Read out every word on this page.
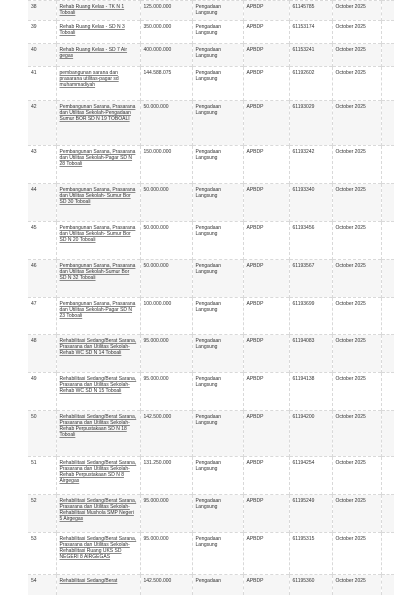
38	Rehab Ruang Kelas - TK N 1 Toboali	125.000.000	Pengadaan Langsung	APBDP	61145785	October 2025	
39	Rehab Ruang Kelas - SD N 3 Toboali	350.000.000	Pengadaan Langsung	APBDP	61153174	October 2025	
40	Rehab Ruang Kelas - SD 7 Air gegas	400.000.000	Pengadaan Langsung	APBDP	61153241	October 2025	
41	pembangunan sarana dan prasarana utilitas-pagar sd muhammadiyah	144.588.075	Pengadaan Langsung	APBDP	61192602	October 2025	
42	Pembangunan Sarana, Prasarana dan Utilitas Sekolah-Pengadaan Sumur BOR SD N 19 TOBOALI	50.000.000	Pengadaan Langsung	APBDP	61193029	October 2025	
43	Pembangunan Sarana, Prasarana dan Utilitas Sekolah-Pagar SD N 28 Toboali	150.000.000	Pengadaan Langsung	APBDP	61193242	October 2025	
44	Pembangunan Sarana, Prasarana dan Utilitas Sekolah- Sumur Bor SD 30 Toboali	50.000.000	Pengadaan Langsung	APBDP	61193340	October 2025	
45	Pembangunan Sarana, Prasarana dan Utilitas Sekolah- Sumur Bor SD N 20 Toboali	50.000.000	Pengadaan Langsung	APBDP	61193456	October 2025	
46	Pembangunan Sarana, Prasarana dan Utilitas Sekolah-Sumur Bor SD N 32 Toboali	50.000.000	Pengadaan Langsung	APBDP	61193567	October 2025	
47	Pembangunan Sarana, Prasarana dan Utilitas Sekolah-Pagar SD N 23 Toboali	100.000.000	Pengadaan Langsung	APBDP	61193699	October 2025	
48	Rehabilitasi Sedang/Berat Sarana, Prasarana dan Utilitas Sekolah-Rehab WC SD N 14 Toboali	95.000.000	Pengadaan Langsung	APBDP	61194083	October 2025	
49	Rehabilitasi Sedang/Berat Sarana, Prasarana dan Utilitas Sekolah-Rehab WC SD N 15 Toboali	95.000.000	Pengadaan Langsung	APBDP	61194138	October 2025	
50	Rehabilitasi Sedang/Berat Sarana, Prasarana dan Utilitas Sekolah-Rehab Perpustakaan SD N 18 Toboali	142.500.000	Pengadaan Langsung	APBDP	61194200	October 2025	
51	Rehabilitasi Sedang/Berat Sarana, Prasarana dan Utilitas Sekolah-Rehab Perpustakaan SD N 8 Airgegas	131.250.000	Pengadaan Langsung	APBDP	61194254	October 2025	
52	Rehabilitasi Sedang/Berat Sarana, Prasarana dan Utilitas Sekolah-Rehabilitasi Mushola SMP Negeri 5 Airgegas	95.000.000	Pengadaan Langsung	APBDP	61195249	October 2025	
53	Rehabilitasi Sedang/Berat Sarana, Prasarana dan Utilitas Sekolah-Rehabilitasi Ruang UKS SD NEGERI 8 AIRGEGAS	95.000.000	Pengadaan Langsung	APBDP	61195315	October 2025	
54	Rehabilitasi Sedang/Berat	142.500.000	Pengadaan	APBDP	61195360	October 2025	
